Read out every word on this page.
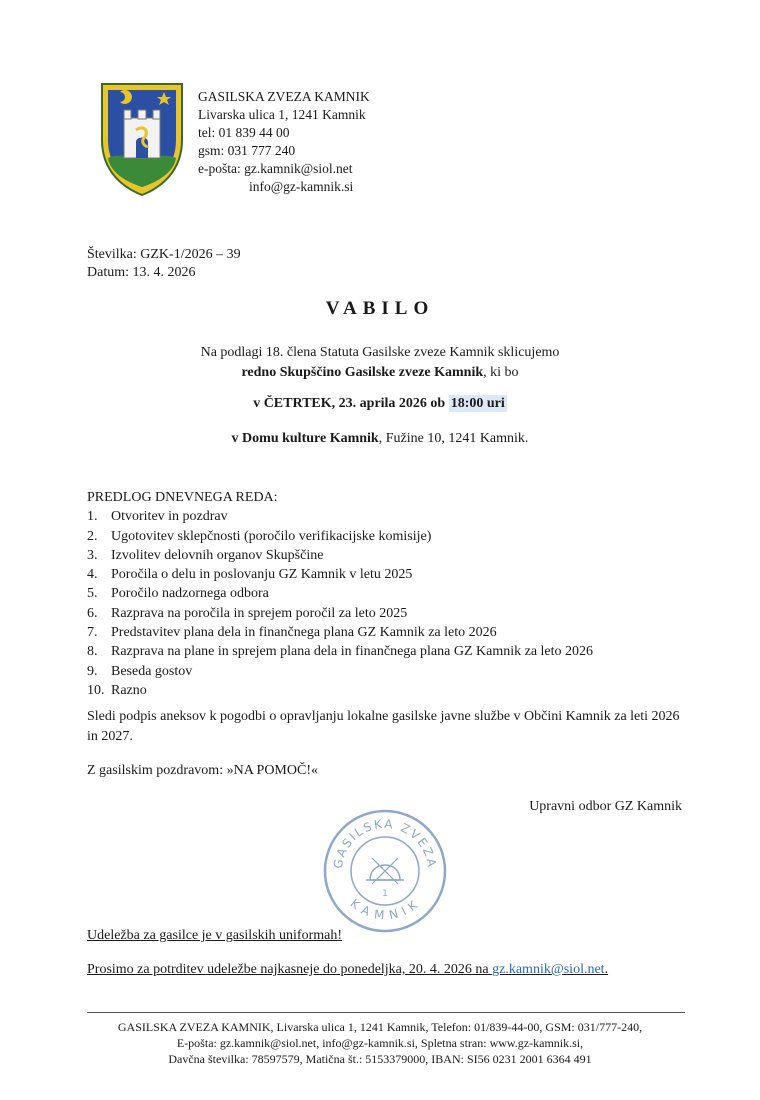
GASILSKA ZVEZA KAMNIK
Livarska ulica 1, 1241 Kamnik
tel: 01 839 44 00
gsm: 031 777 240
e-pošta: gz.kamnik@siol.net
info@gz-kamnik.si
Številka: GZK-1/2026 – 39
Datum: 13. 4. 2026
VABILO
Na podlagi 18. člena Statuta Gasilske zveze Kamnik sklicujemo
redno Skupščino Gasilske zveze Kamnik, ki bo
v ČETRTEK, 23. aprila 2026 ob 18:00 uri
v Domu kulture Kamnik, Fužine 10, 1241 Kamnik.
PREDLOG DNEVNEGA REDA:
1. Otvoritev in pozdrav
2. Ugotovitev sklepčnosti (poročilo verifikacijske komisije)
3. Izvolitev delovnih organov Skupščine
4. Poročila o delu in poslovanju GZ Kamnik v letu 2025
5. Poročilo nadzornega odbora
6. Razprava na poročila in sprejem poročil za leto 2025
7. Predstavitev plana dela in finančnega plana GZ Kamnik za leto 2026
8. Razprava na plane in sprejem plana dela in finančnega plana GZ Kamnik za leto 2026
9. Beseda gostov
10. Razno
Sledi podpis aneksov k pogodbi o opravljanju lokalne gasilske javne službe v Občini Kamnik za leti 2026 in 2027.
Z gasilskim pozdravom: »NA POMOČ!«
Upravni odbor GZ Kamnik
GASILSKA ZVEZA
KAMNIK
1
Udeležba za gasilce je v gasilskih uniformah!
Prosimo za potrditev udeležbe najkasneje do ponedeljka, 20. 4. 2026 na gz.kamnik@siol.net.
GASILSKA ZVEZA KAMNIK, Livarska ulica 1, 1241 Kamnik, Telefon: 01/839-44-00, GSM: 031/777-240,
E-pošta: gz.kamnik@siol.net, info@gz-kamnik.si, Spletna stran: www.gz-kamnik.si,
Davčna številka: 78597579, Matična št.: 5153379000, IBAN: SI56 0231 2001 6364 491
